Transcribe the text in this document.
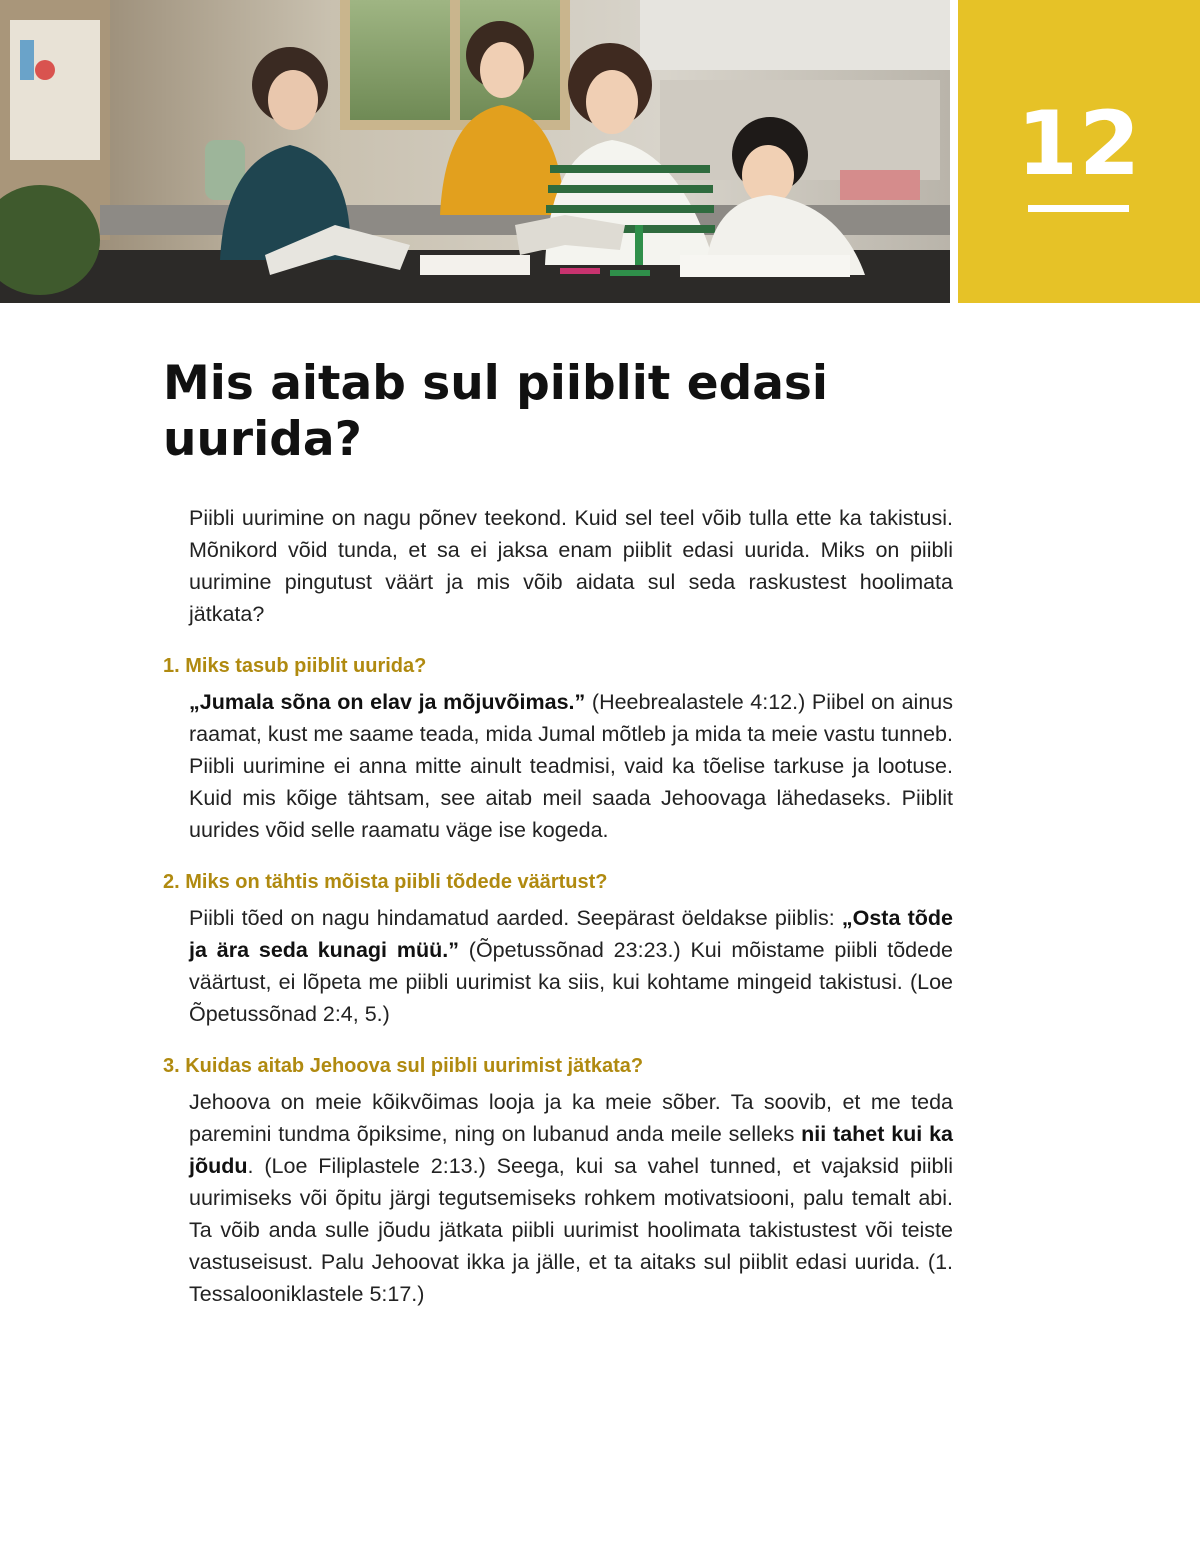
12
Mis aitab sul piiblit edasi uurida?

Piibli uurimine on nagu põnev teekond. Kuid sel teel võib tulla ette ka takistusi. Mõnikord võid tunda, et sa ei jaksa enam piiblit edasi uurida. Miks on piibli uurimine pingutust väärt ja mis võib aidata sul seda raskustest hoolimata jätkata?

1. Miks tasub piiblit uurida?

„Jumala sõna on elav ja mõjuvõimas.” (Heebrealastele 4:12.) Piibel on ainus raamat, kust me saame teada, mida Jumal mõtleb ja mida ta meie vastu tunneb. Piibli uurimine ei anna mitte ainult teadmisi, vaid ka tõelise tarkuse ja lootuse. Kuid mis kõige tähtsam, see aitab meil saada Jehoovaga lähedaseks. Piiblit uurides võid selle raamatu väge ise kogeda.

2. Miks on tähtis mõista piibli tõdede väärtust?

Piibli tõed on nagu hindamatud aarded. Seepärast öeldakse piiblis: „Osta tõde ja ära seda kunagi müü.” (Õpetussõnad 23:23.) Kui mõistame piibli tõdede väärtust, ei lõpeta me piibli uurimist ka siis, kui kohtame mingeid takistusi. (Loe Õpetussõnad 2:4, 5.)

3. Kuidas aitab Jehoova sul piibli uurimist jätkata?

Jehoova on meie kõikvõimas looja ja ka meie sõber. Ta soovib, et me teda paremini tundma õpiksime, ning on lubanud anda meile selleks nii tahet kui ka jõudu. (Loe Filiplastele 2:13.) Seega, kui sa vahel tunned, et vajaksid piibli uurimiseks või õpitu järgi tegutsemiseks rohkem motivatsiooni, palu temalt abi. Ta võib anda sulle jõudu jätkata piibli uurimist hoolimata takistustest või teiste vastuseisust. Palu Jehoovat ikka ja jälle, et ta aitaks sul piiblit edasi uurida. (1. Tessalooniklastele 5:17.)
